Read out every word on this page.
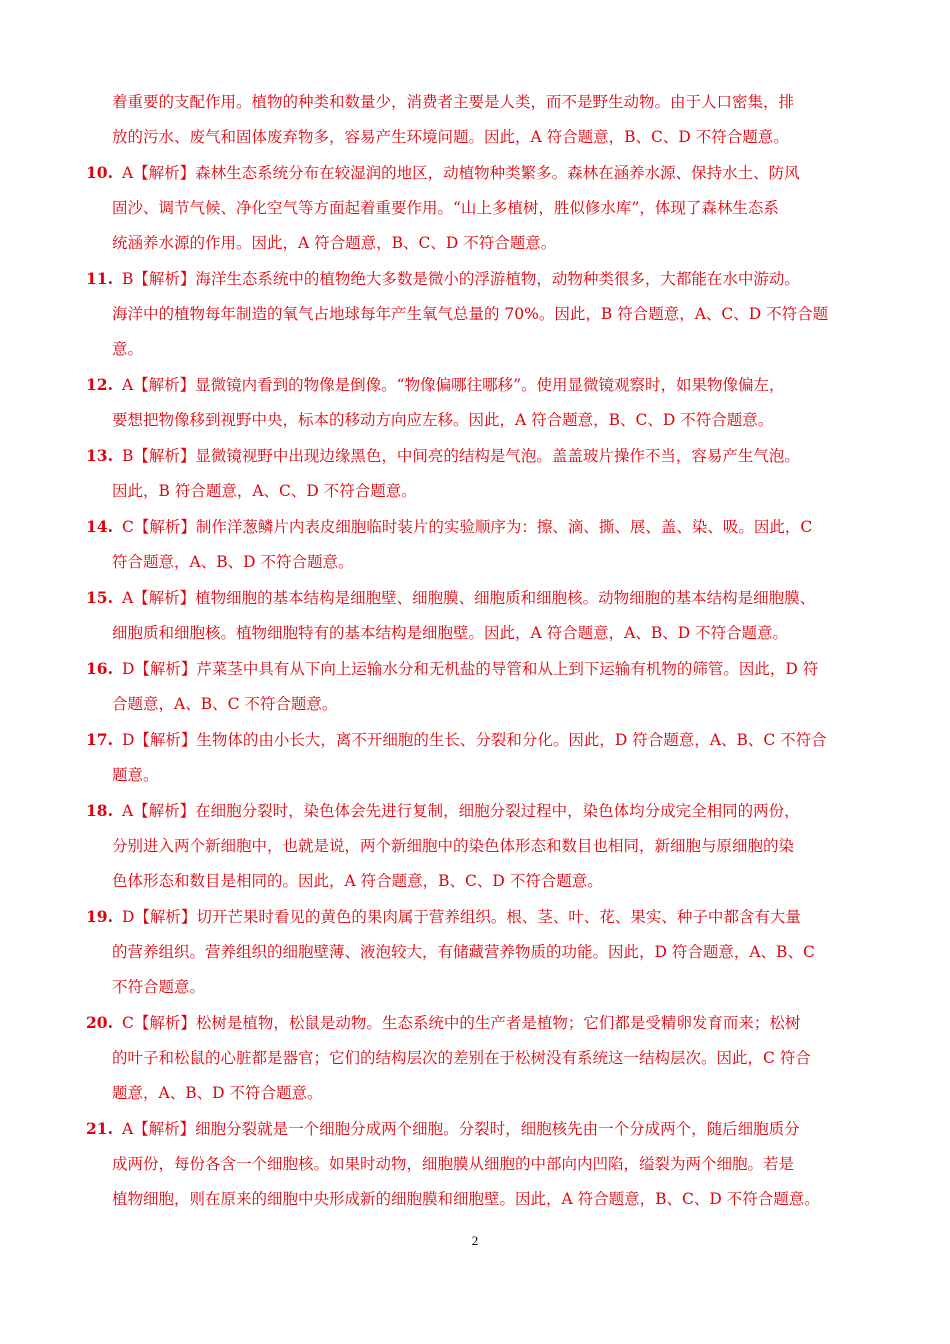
着重要的支配作用。植物的种类和数量少，消费者主要是人类，而不是野生动物。由于人口密集，排
放的污水、废气和固体废弃物多，容易产生环境问题。因此，A 符合题意，B、C、D 不符合题意。
10. A【解析】森林生态系统分布在较湿润的地区，动植物种类繁多。森林在涵养水源、保持水土、防风
固沙、调节气候、净化空气等方面起着重要作用。“山上多植树，胜似修水库”，体现了森林生态系
统涵养水源的作用。因此，A 符合题意，B、C、D 不符合题意。
11. B【解析】海洋生态系统中的植物绝大多数是微小的浮游植物，动物种类很多，大都能在水中游动。
海洋中的植物每年制造的氧气占地球每年产生氧气总量的 70%。因此，B 符合题意，A、C、D 不符合题
意。
12. A【解析】显微镜内看到的物像是倒像。“物像偏哪往哪移”。使用显微镜观察时，如果物像偏左，
要想把物像移到视野中央，标本的移动方向应左移。因此，A 符合题意，B、C、D 不符合题意。
13. B【解析】显微镜视野中出现边缘黑色，中间亮的结构是气泡。盖盖玻片操作不当，容易产生气泡。
因此，B 符合题意，A、C、D 不符合题意。
14. C【解析】制作洋葱鳞片内表皮细胞临时装片的实验顺序为：擦、滴、撕、展、盖、染、吸。因此，C
符合题意，A、B、D 不符合题意。
15. A【解析】植物细胞的基本结构是细胞壁、细胞膜、细胞质和细胞核。动物细胞的基本结构是细胞膜、
细胞质和细胞核。植物细胞特有的基本结构是细胞壁。因此，A 符合题意，A、B、D 不符合题意。
16. D【解析】芹菜茎中具有从下向上运输水分和无机盐的导管和从上到下运输有机物的筛管。因此，D 符
合题意，A、B、C 不符合题意。
17. D【解析】生物体的由小长大，离不开细胞的生长、分裂和分化。因此，D 符合题意，A、B、C 不符合
题意。
18. A【解析】在细胞分裂时，染色体会先进行复制，细胞分裂过程中，染色体均分成完全相同的两份，
分别进入两个新细胞中，也就是说，两个新细胞中的染色体形态和数目也相同，新细胞与原细胞的染
色体形态和数目是相同的。因此，A 符合题意，B、C、D 不符合题意。
19. D【解析】切开芒果时看见的黄色的果肉属于营养组织。根、茎、叶、花、果实、种子中都含有大量
的营养组织。营养组织的细胞壁薄、液泡较大，有储藏营养物质的功能。因此，D 符合题意，A、B、C
不符合题意。
20. C【解析】松树是植物，松鼠是动物。生态系统中的生产者是植物；它们都是受精卵发育而来；松树
的叶子和松鼠的心脏都是器官；它们的结构层次的差别在于松树没有系统这一结构层次。因此，C 符合
题意，A、B、D 不符合题意。
21. A【解析】细胞分裂就是一个细胞分成两个细胞。分裂时，细胞核先由一个分成两个，随后细胞质分
成两份，每份各含一个细胞核。如果时动物，细胞膜从细胞的中部向内凹陷，缢裂为两个细胞。若是
植物细胞，则在原来的细胞中央形成新的细胞膜和细胞壁。因此，A 符合题意，B、C、D 不符合题意。
2
